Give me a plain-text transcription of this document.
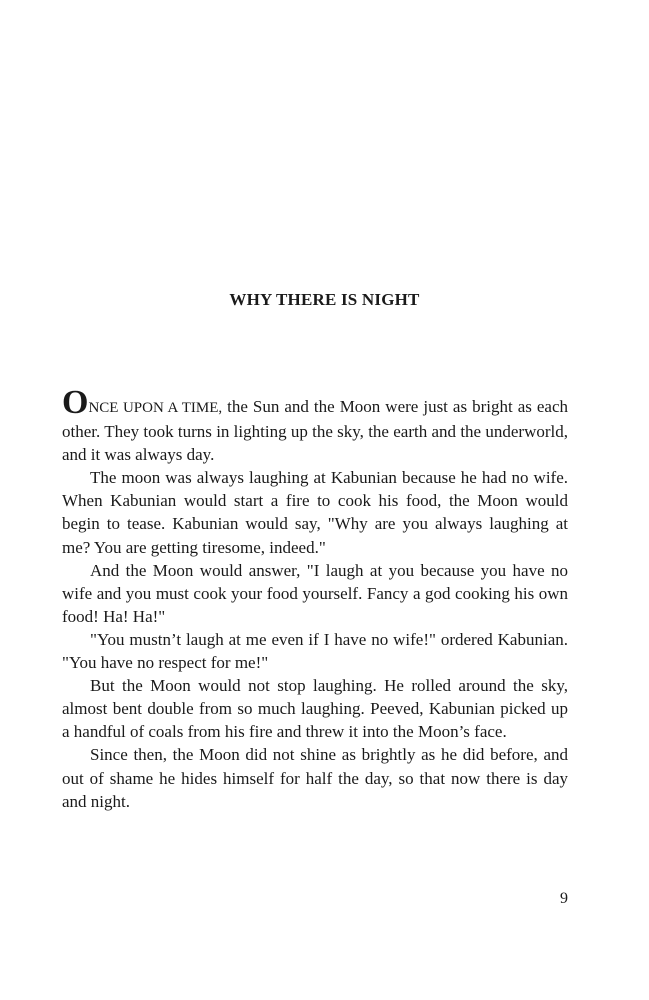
WHY THERE IS NIGHT

ONCE UPON A TIME, the Sun and the Moon were just as bright as each other. They took turns in lighting up the sky, the earth and the underworld, and it was always day.

The moon was always laughing at Kabunian because he had no wife. When Kabunian would start a fire to cook his food, the Moon would begin to tease. Kabunian would say, "Why are you always laughing at me? You are getting tiresome, indeed."

And the Moon would answer, "I laugh at you because you have no wife and you must cook your food yourself. Fancy a god cooking his own food! Ha! Ha!"

"You mustn’t laugh at me even if I have no wife!" ordered Kabunian. "You have no respect for me!"

But the Moon would not stop laughing. He rolled around the sky, almost bent double from so much laughing. Peeved, Kabunian picked up a handful of coals from his fire and threw it into the Moon’s face.

Since then, the Moon did not shine as brightly as he did before, and out of shame he hides himself for half the day, so that now there is day and night.

9
